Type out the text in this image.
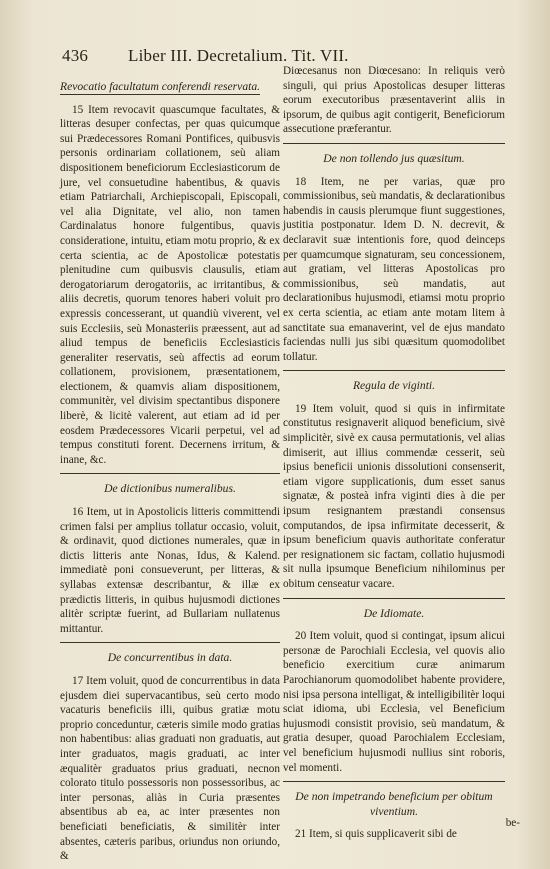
436 Liber III. Decretalium. Tit. VII.
Revocatio facultatum conferendi reservata.

15 Item revocavit quascumque facultates, & litteras desuper confectas, per quas quicumque sui Prædecessores Romani Pontifices, quibusvis personis ordinariam collationem, seù aliam dispositionem beneficiorum Ecclesiasticorum de jure, vel consuetudine habentibus, & quavis etiam Patriarchali, Archiepiscopali, Episcopali, vel alia Dignitate, vel alio, non tamen Cardinalatus honore fulgentibus, quavis consideratione, intuitu, etiam motu proprio, & ex certa scientia, ac de Apostolicæ potestatis plenitudine cum quibusvis clausulis, etiam derogatoriarum derogatoriis, ac irritantibus, & aliis decretis, quorum tenores haberi voluit pro expressis concesserant, ut quandiù viverent, vel suis Ecclesiis, seù Monasteriis præessent, aut ad aliud tempus de beneficiis Ecclesiasticis generaliter reservatis, seù affectis ad eorum collationem, provisionem, præsentationem, electionem, & quamvis aliam dispositionem, communitèr, vel divisim spectantibus disponere liberè, & licitè valerent, aut etiam ad id per eosdem Prædecessores Vicarii perpetui, vel ad tempus constituti forent. Decernens irritum, & inane, &c.

De dictionibus numeralibus.

16 Item, ut in Apostolicis litteris committendi crimen falsi per amplius tollatur occasio, voluit, & ordinavit, quod dictiones numerales, quæ in dictis litteris ante Nonas, Idus, & Kalend. immediatè poni consueverunt, per litteras, & syllabas extensæ describantur, & illæ ex prædictis litteris, in quibus hujusmodi dictiones alitèr scriptæ fuerint, ad Bullariam nullatenus mittantur.

De concurrentibus in data.

17 Item voluit, quod de concurrentibus in data ejusdem diei supervacantibus, seù certo modo vacaturis beneficiis illi, quibus gratiæ motu proprio conceduntur, cæteris simile modo gratias non habentibus: alias graduati non graduatis, aut inter graduatos, magis graduati, ac inter æqualitèr graduatos prius graduati, necnon colorato titulo possessoris non possessoribus, ac inter personas, aliàs in Curia præsentes absentibus ab ea, ac inter præsentes non beneficiati beneficiatis, & similitèr inter absentes, cæteris paribus, oriundus non oriundo, &

Diœcesanus non Diœcesano: In reliquis verò singuli, qui prius Apostolicas desuper litteras eorum executoribus præsentaverint aliis in ipsorum, de quibus agit contigerit, Beneficiorum assecutione præferantur.

De non tollendo jus quæsitum.

18 Item, ne per varias, quæ pro commissionibus, seù mandatis, & declarationibus habendis in causis plerumque fiunt suggestiones, justitia postponatur. Idem D. N. decrevit, & declaravit suæ intentionis fore, quod deinceps per quamcumque signaturam, seu concessionem, aut gratiam, vel litteras Apostolicas pro commissionibus, seù mandatis, aut declarationibus hujusmodi, etiamsi motu proprio ex certa scientia, ac etiam ante motam litem à sanctitate sua emanaverint, vel de ejus mandato faciendas nulli jus sibi quæsitum quomodolibet tollatur.

Regula de viginti.

19 Item voluit, quod si quis in infirmitate constitutus resignaverit aliquod beneficium, sivè simplicitèr, sivè ex causa permutationis, vel alias dimiserit, aut illius commendæ cesserit, seù ipsius beneficii unionis dissolutioni consenserit, etiam vigore supplicationis, dum esset sanus signatæ, & posteà infra viginti dies à die per ipsum resignantem præstandi consensus computandos, de ipsa infirmitate decesserit, & ipsum beneficium quavis authoritate conferatur per resignationem sic factam, collatio hujusmodi sit nulla ipsumque Beneficium nihilominus per obitum censeatur vacare.

De Idiomate.

20 Item voluit, quod si contingat, ipsum alicui personæ de Parochiali Ecclesia, vel quovis alio beneficio exercitium curæ animarum Parochianorum quomodolibet habente providere, nisi ipsa persona intelligat, & intelligibilitèr loqui sciat idioma, ubi Ecclesia, vel Beneficium hujusmodi consistit provisio, seù mandatum, & gratia desuper, quoad Parochialem Ecclesiam, vel beneficium hujusmodi nullius sint roboris, vel momenti.

De non impetrando beneficium per obitum viventium.

21 Item, si quis supplicaverit sibi de

be-
